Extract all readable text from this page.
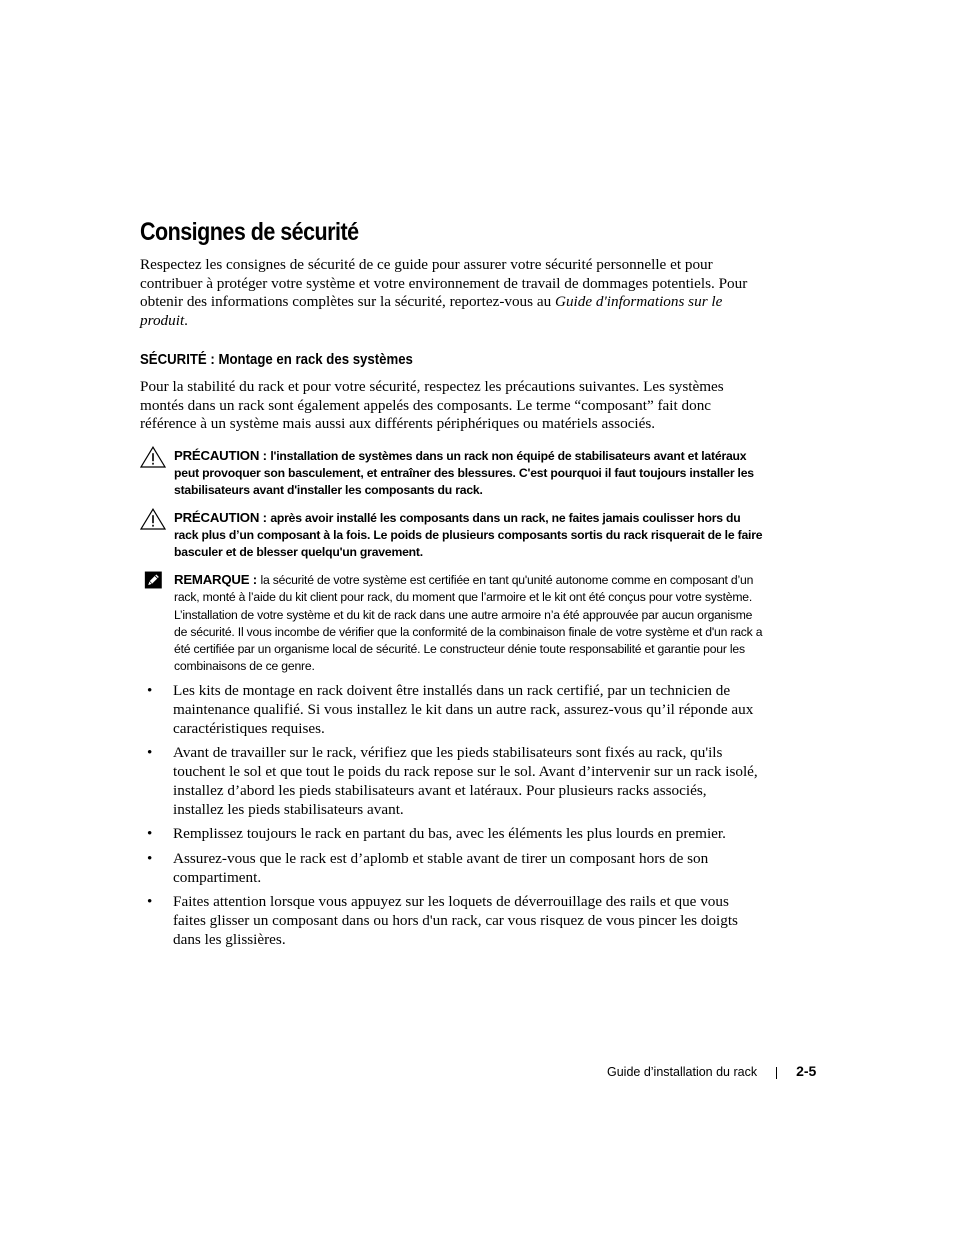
Consignes de sécurité

Respectez les consignes de sécurité de ce guide pour assurer votre sécurité personnelle et pour contribuer à protéger votre système et votre environnement de travail de dommages potentiels. Pour obtenir des informations complètes sur la sécurité, reportez-vous au Guide d'informations sur le produit.

SÉCURITÉ : Montage en rack des systèmes

Pour la stabilité du rack et pour votre sécurité, respectez les précautions suivantes. Les systèmes montés dans un rack sont également appelés des composants. Le terme “composant” fait donc référence à un système mais aussi aux différents périphériques ou matériels associés.

PRÉCAUTION : l'installation de systèmes dans un rack non équipé de stabilisateurs avant et latéraux peut provoquer son basculement, et entraîner des blessures. C'est pourquoi il faut toujours installer les stabilisateurs avant d'installer les composants du rack.
PRÉCAUTION : après avoir installé les composants dans un rack, ne faites jamais coulisser hors du rack plus d’un composant à la fois. Le poids de plusieurs composants sortis du rack risquerait de le faire basculer et de blesser quelqu'un gravement.
REMARQUE : la sécurité de votre système est certifiée en tant qu'unité autonome comme en composant d’un rack, monté à l’aide du kit client pour rack, du moment que l’armoire et le kit ont été conçus pour votre système. L’installation de votre système et du kit de rack dans une autre armoire n’a été approuvée par aucun organisme de sécurité. Il vous incombe de vérifier que la conformité de la combinaison finale de votre système et d'un rack a été certifiée par un organisme local de sécurité. Le constructeur dénie toute responsabilité et garantie pour les combinaisons de ce genre.
• Les kits de montage en rack doivent être installés dans un rack certifié, par un technicien de maintenance qualifié. Si vous installez le kit dans un autre rack, assurez-vous qu’il réponde aux caractéristiques requises.
• Avant de travailler sur le rack, vérifiez que les pieds stabilisateurs sont fixés au rack, qu'ils touchent le sol et que tout le poids du rack repose sur le sol. Avant d’intervenir sur un rack isolé, installez d’abord les pieds stabilisateurs avant et latéraux. Pour plusieurs racks associés, installez les pieds stabilisateurs avant.
• Remplissez toujours le rack en partant du bas, avec les éléments les plus lourds en premier.
• Assurez-vous que le rack est d’aplomb et stable avant de tirer un composant hors de son compartiment.
• Faites attention lorsque vous appuyez sur les loquets de déverrouillage des rails et que vous faites glisser un composant dans ou hors d'un rack, car vous risquez de vous pincer les doigts dans les glissières.
Guide d’installation du rack	2-5
